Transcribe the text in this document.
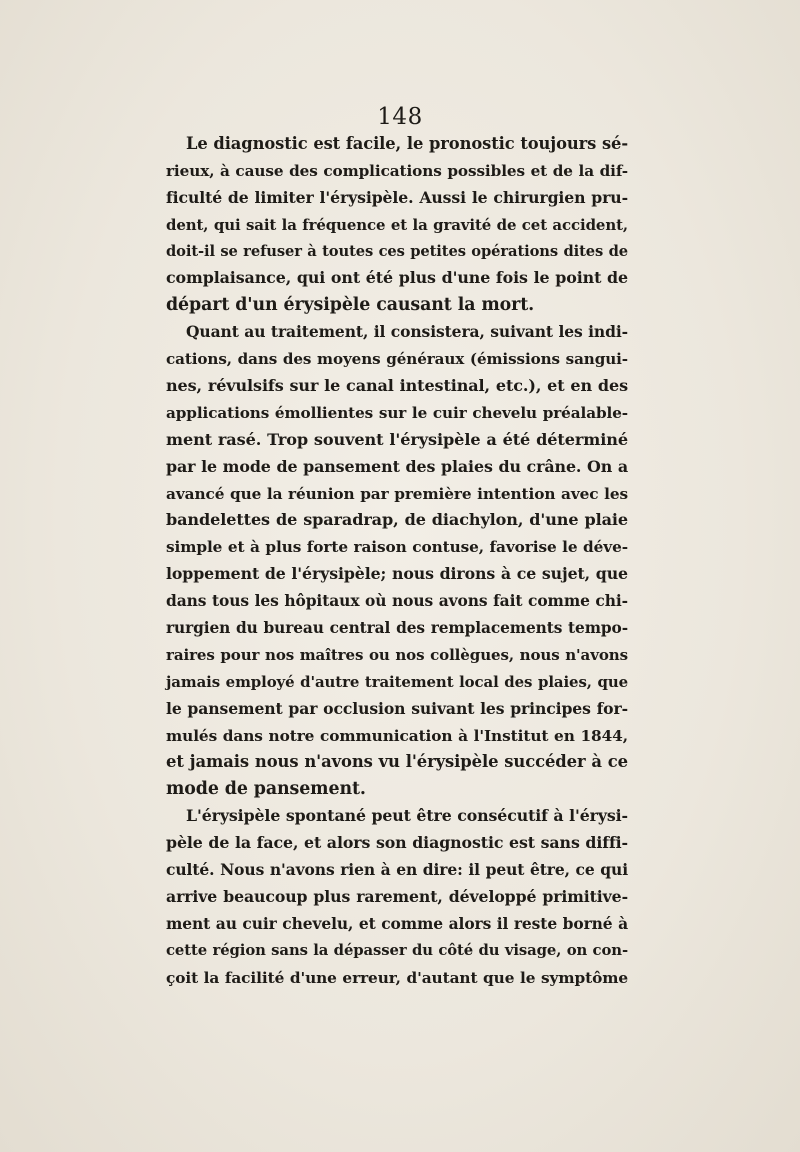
148
Le diagnostic est facile, le pronostic toujours sé-
rieux, à cause des complications possibles et de la dif-
ficulté de limiter l'érysipèle. Aussi le chirurgien pru-
dent, qui sait la fréquence et la gravité de cet accident,
doit-il se refuser à toutes ces petites opérations dites de
complaisance, qui ont été plus d'une fois le point de
départ d'un érysipèle causant la mort.
Quant au traitement, il consistera, suivant les indi-
cations, dans des moyens généraux (émissions sangui-
nes, révulsifs sur le canal intestinal, etc.), et en des
applications émollientes sur le cuir chevelu préalable-
ment rasé. Trop souvent l'érysipèle a été déterminé
par le mode de pansement des plaies du crâne. On a
avancé que la réunion par première intention avec les
bandelettes de sparadrap, de diachylon, d'une plaie
simple et à plus forte raison contuse, favorise le déve-
loppement de l'érysipèle; nous dirons à ce sujet, que
dans tous les hôpitaux où nous avons fait comme chi-
rurgien du bureau central des remplacements tempo-
raires pour nos maîtres ou nos collègues, nous n'avons
jamais employé d'autre traitement local des plaies, que
le pansement par occlusion suivant les principes for-
mulés dans notre communication à l'Institut en 1844,
et jamais nous n'avons vu l'érysipèle succéder à ce
mode de pansement.
L'érysipèle spontané peut être consécutif à l'érysi-
pèle de la face, et alors son diagnostic est sans diffi-
culté. Nous n'avons rien à en dire: il peut être, ce qui
arrive beaucoup plus rarement, développé primitive-
ment au cuir chevelu, et comme alors il reste borné à
cette région sans la dépasser du côté du visage, on con-
çoit la facilité d'une erreur, d'autant que le symptôme
